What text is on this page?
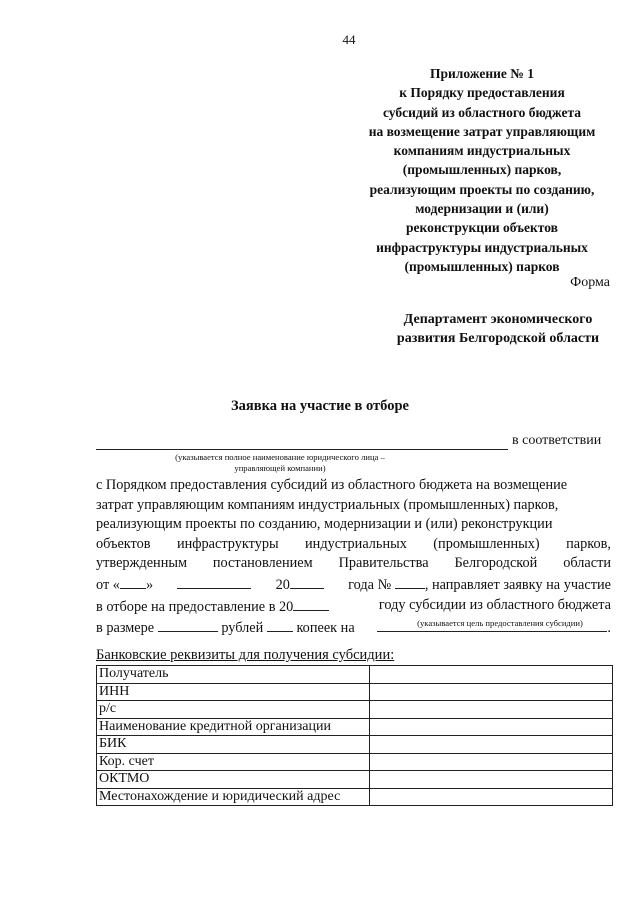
44
Приложение № 1
к Порядку предоставления
субсидий из областного бюджета
на возмещение затрат управляющим
компаниям индустриальных
(промышленных) парков,
реализующим проекты по созданию,
модернизации и (или)
реконструкции объектов
инфраструктуры индустриальных
(промышленных) парков
Форма
Департамент экономического
развития Белгородской области
Заявка на участие в отборе
в соответствии
(указывается полное наименование юридического лица –
управляющей компании)
с Порядком предоставления субсидий из областного бюджета на возмещение
затрат управляющим компаниям индустриальных (промышленных) парков,
реализующим проекты по созданию, модернизации и (или) реконструкции
объектов инфраструктуры индустриальных (промышленных) парков,
утвержденным постановлением Правительства Белгородской области
от « »	20	года № , направляет заявку на участие
в отборе на предоставление в 20	году субсидии из областного бюджета
в размере	рублей копеек на	.
(указывается цель предоставления субсидии)
Банковские реквизиты для получения субсидии:
Получатель	
ИНН	
р/с	
Наименование кредитной организации	
БИК	
Кор. счет	
ОКТМО	
Местонахождение и юридический адрес	
